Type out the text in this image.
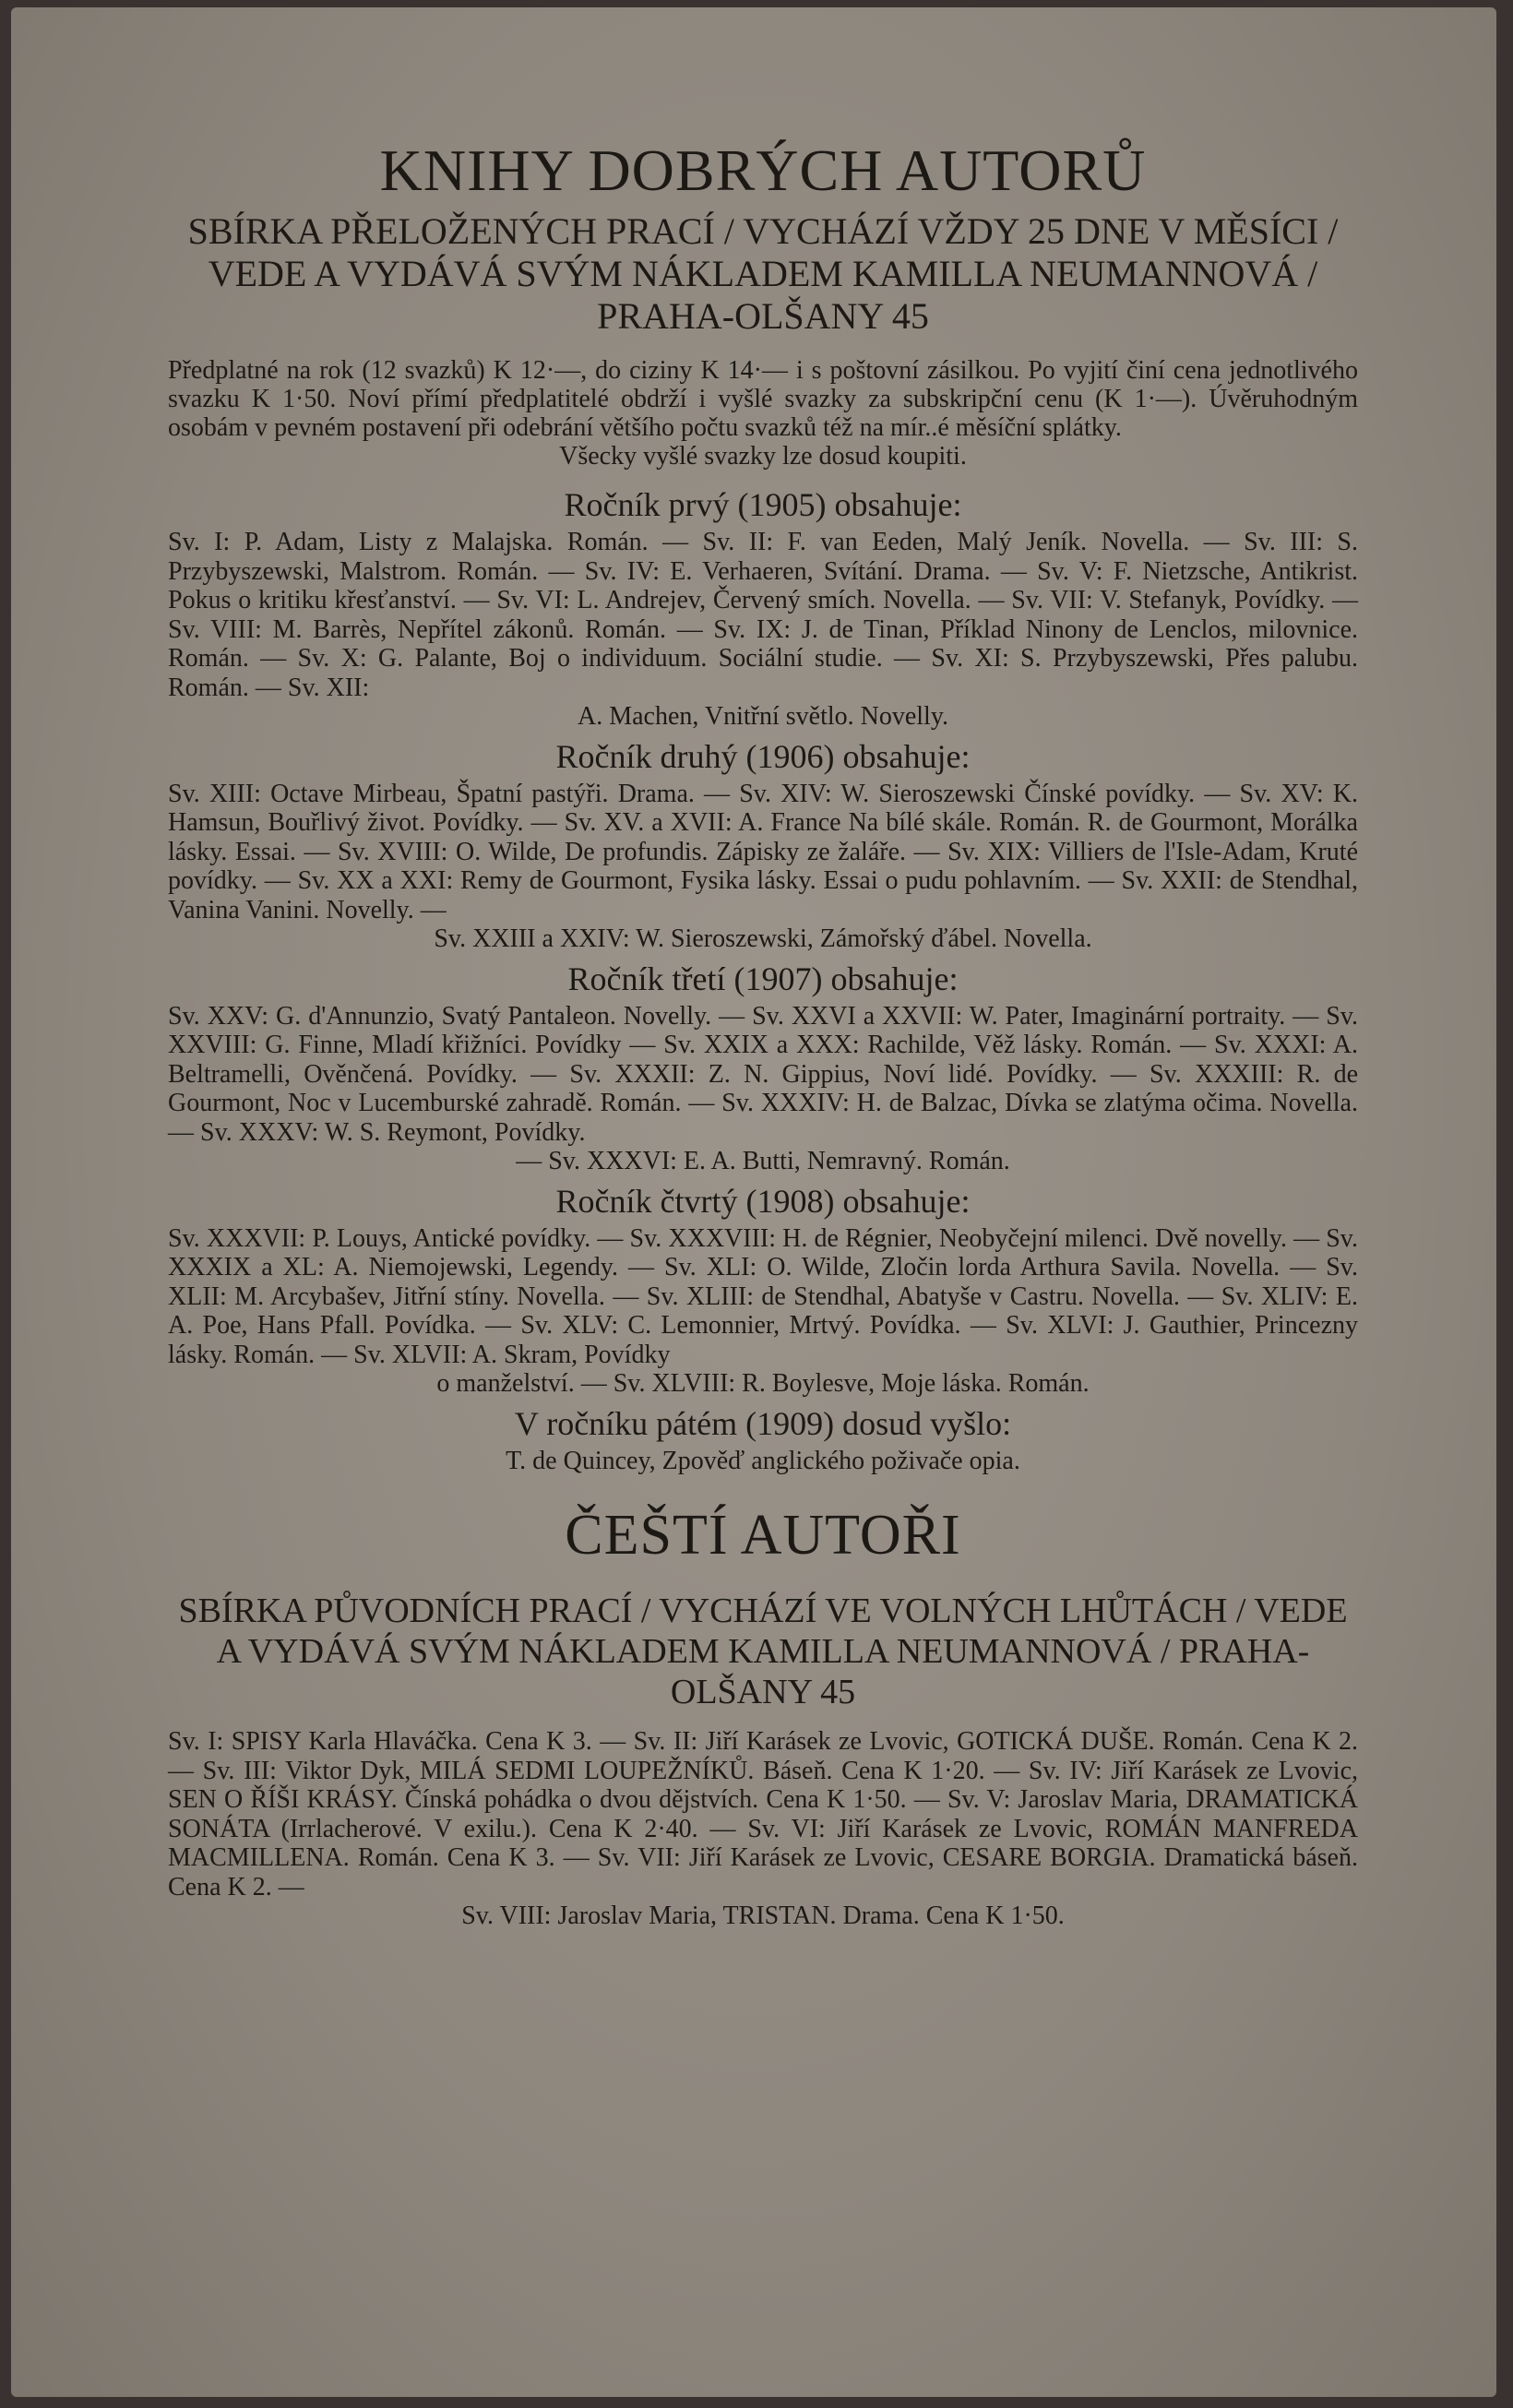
KNIHY DOBRÝCH AUTORŮ
SBÍRKA PŘELOŽENÝCH PRACÍ / VYCHÁZÍ VŽDY 25 DNE V MĚSÍCI / VEDE A VYDÁVÁ SVÝM NÁKLADEM KAMILLA NEUMANNOVÁ / PRAHA-OLŠANY 45

Předplatné na rok (12 svazků) K 12·—, do ciziny K 14·— i s poštovní zásilkou. Po vyjití činí cena jednotlivého svazku K 1·50. Noví přímí předplatitelé obdrží i vyšlé svazky za subskripční cenu (K 1·—). Úvěruhodným osobám v pevném postavení při odebrání většího počtu svazků též na mír..é měsíční splátky.
Všecky vyšlé svazky lze dosud koupiti.

Ročník prvý (1905) obsahuje:

Sv. I: P. Adam, Listy z Malajska. Román. — Sv. II: F. van Eeden, Malý Jeník. Novella. — Sv. III: S. Przybyszewski, Malstrom. Román. — Sv. IV: E. Verhaeren, Svítání. Drama. — Sv. V: F. Nietzsche, Antikrist. Pokus o kritiku křesťanství. — Sv. VI: L. Andrejev, Červený smích. Novella. — Sv. VII: V. Stefanyk, Povídky. — Sv. VIII: M. Barrès, Nepřítel zákonů. Román. — Sv. IX: J. de Tinan, Příklad Ninony de Lenclos, milovnice. Román. — Sv. X: G. Palante, Boj o individuum. Sociální studie. — Sv. XI: S. Przybyszewski, Přes palubu. Román. — Sv. XII:
A. Machen, Vnitřní světlo. Novelly.

Ročník druhý (1906) obsahuje:

Sv. XIII: Octave Mirbeau, Špatní pastýři. Drama. — Sv. XIV: W. Sieroszewski Čínské povídky. — Sv. XV: K. Hamsun, Bouřlivý život. Povídky. — Sv. XV. a XVII: A. France Na bílé skále. Román. R. de Gourmont, Morálka lásky. Essai. — Sv. XVIII: O. Wilde, De profundis. Zápisky ze žaláře. — Sv. XIX: Villiers de l'Isle-Adam, Kruté povídky. — Sv. XX a XXI: Remy de Gourmont, Fysika lásky. Essai o pudu pohlavním. — Sv. XXII: de Stendhal, Vanina Vanini. Novelly. —
Sv. XXIII a XXIV: W. Sieroszewski, Zámořský ďábel. Novella.

Ročník třetí (1907) obsahuje:

Sv. XXV: G. d'Annunzio, Svatý Pantaleon. Novelly. — Sv. XXVI a XXVII: W. Pater, Imaginární portraity. — Sv. XXVIII: G. Finne, Mladí křižníci. Povídky — Sv. XXIX a XXX: Rachilde, Věž lásky. Román. — Sv. XXXI: A. Beltramelli, Ověnčená. Povídky. — Sv. XXXII: Z. N. Gippius, Noví lidé. Povídky. — Sv. XXXIII: R. de Gourmont, Noc v Lucemburské zahradě. Román. — Sv. XXXIV: H. de Balzac, Dívka se zlatýma očima. Novella. — Sv. XXXV: W. S. Reymont, Povídky.
— Sv. XXXVI: E. A. Butti, Nemravný. Román.

Ročník čtvrtý (1908) obsahuje:

Sv. XXXVII: P. Louys, Antické povídky. — Sv. XXXVIII: H. de Régnier, Neobyčejní milenci. Dvě novelly. — Sv. XXXIX a XL: A. Niemojewski, Legendy. — Sv. XLI: O. Wilde, Zločin lorda Arthura Savila. Novella. — Sv. XLII: M. Arcybašev, Jitřní stíny. Novella. — Sv. XLIII: de Stendhal, Abatyše v Castru. Novella. — Sv. XLIV: E. A. Poe, Hans Pfall. Povídka. — Sv. XLV: C. Lemonnier, Mrtvý. Povídka. — Sv. XLVI: J. Gauthier, Princezny lásky. Román. — Sv. XLVII: A. Skram, Povídky
o manželství. — Sv. XLVIII: R. Boylesve, Moje láska. Román.

V ročníku pátém (1909) dosud vyšlo:

T. de Quincey, Zpověď anglického poživače opia.

ČEŠTÍ AUTOŘI
SBÍRKA PŮVODNÍCH PRACÍ / VYCHÁZÍ VE VOLNÝCH LHŮTÁCH / VEDE A VYDÁVÁ SVÝM NÁKLADEM KAMILLA NEUMANNOVÁ / PRAHA-OLŠANY 45

Sv. I: SPISY Karla Hlaváčka. Cena K 3. — Sv. II: Jiří Karásek ze Lvovic, GOTICKÁ DUŠE. Román. Cena K 2. — Sv. III: Viktor Dyk, MILÁ SEDMI LOUPEŽNÍKŮ. Báseň. Cena K 1·20. — Sv. IV: Jiří Karásek ze Lvovic, SEN O ŘÍŠI KRÁSY. Čínská pohádka o dvou dějstvích. Cena K 1·50. — Sv. V: Jaroslav Maria, DRAMATICKÁ SONÁTA (Irrlacherové. V exilu.). Cena K 2·40. — Sv. VI: Jiří Karásek ze Lvovic, ROMÁN MANFREDA MACMILLENA. Román. Cena K 3. — Sv. VII: Jiří Karásek ze Lvovic, CESARE BORGIA. Dramatická báseň. Cena K 2. —
Sv. VIII: Jaroslav Maria, TRISTAN. Drama. Cena K 1·50.
